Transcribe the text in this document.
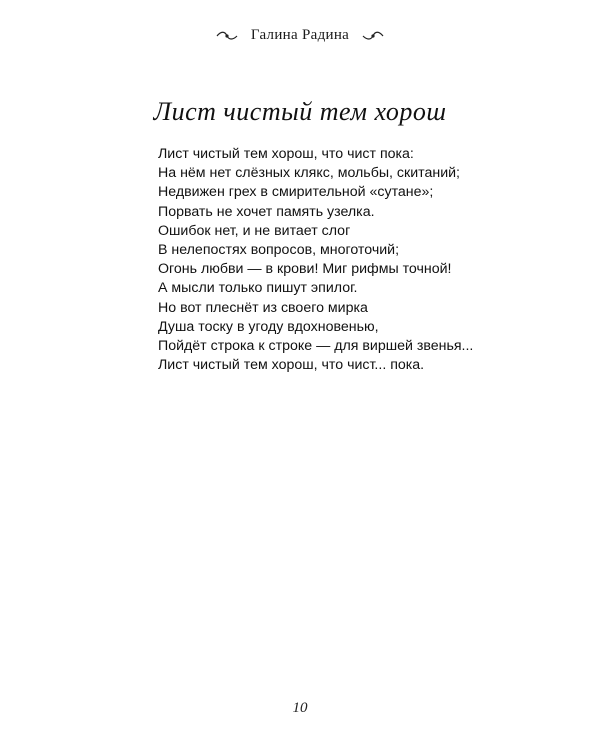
Галина Радина
Лист чистый тем хорош
Лист чистый тем хорош, что чист пока:
На нём нет слёзных клякс, мольбы, скитаний;
Недвижен грех в смирительной «сутане»;
Порвать не хочет память узелка.
Ошибок нет, и не витает слог
В нелепостях вопросов, многоточий;
Огонь любви — в крови! Миг рифмы точной!
А мысли только пишут эпилог.
Но вот плеснёт из своего мирка
Душа тоску в угоду вдохновенью,
Пойдёт строка к строке — для виршей звенья...
Лист чистый тем хорош, что чист... пока.
10
